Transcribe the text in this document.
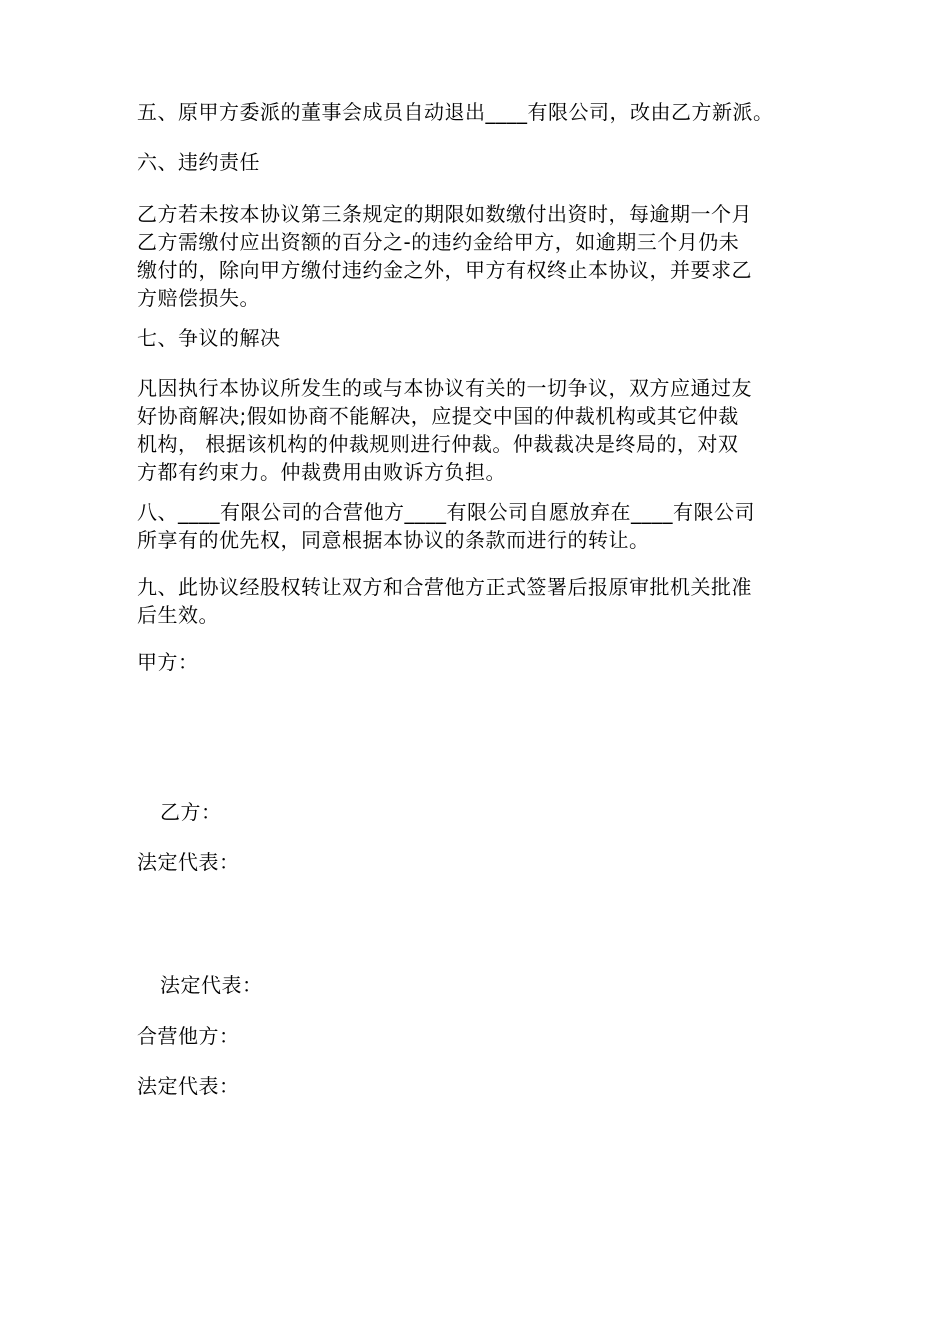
五、原甲方委派的董事会成员自动退出____有限公司，改由乙方新派。
六、违约责任
乙方若未按本协议第三条规定的期限如数缴付出资时，每逾期一个月
乙方需缴付应出资额的百分之-的违约金给甲方，如逾期三个月仍未
缴付的，除向甲方缴付违约金之外，甲方有权终止本协议，并要求乙
方赔偿损失。
七、争议的解决
凡因执行本协议所发生的或与本协议有关的一切争议，双方应通过友
好协商解决;假如协商不能解决，应提交中国的仲裁机构或其它仲裁
机构， 根据该机构的仲裁规则进行仲裁。仲裁裁决是终局的，对双
方都有约束力。仲裁费用由败诉方负担。
八、____有限公司的合营他方____有限公司自愿放弃在____有限公司
所享有的优先权，同意根据本协议的条款而进行的转让。
九、此协议经股权转让双方和合营他方正式签署后报原审批机关批准
后生效。
甲方：
乙方：
法定代表：
法定代表：
合营他方：
法定代表：
